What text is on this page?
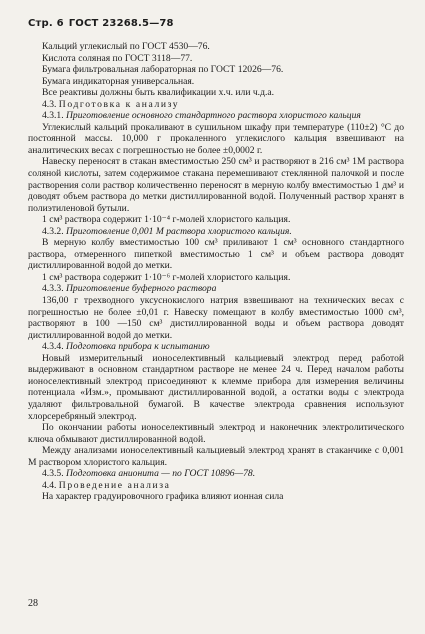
Стр. 6 ГОСТ 23268.5—78

Кальций углекислый по ГОСТ 4530—76.

Кислота соляная по ГОСТ 3118—77.

Бумага фильтровальная лабораторная по ГОСТ 12026—76.

Бумага индикаторная универсальная.

Все реактивы должны быть квалификации х.ч. или ч.д.а.

4.3. Подготовка к анализу

4.3.1. Приготовление основного стандартного раствора хлористого кальция

Углекислый кальций прокаливают в сушильном шкафу при температуре (110±2) °С до постоянной массы. 10,000 г прокаленного углекислого кальция взвешивают на аналитических весах с погрешностью не более ±0,0002 г.

Навеску переносят в стакан вместимостью 250 см³ и растворяют в 216 см³ 1М раствора соляной кислоты, затем содержимое стакана перемешивают стеклянной палочкой и после растворения соли раствор количественно переносят в мерную колбу вместимостью 1 дм³ и доводят объем раствора до метки дистиллированной водой. Полученный раствор хранят в полиэтиленовой бутыли.

1 см³ раствора содержит 1·10⁻⁴ г-молей хлористого кальция.

4.3.2. Приготовление 0,001 М раствора хлористого кальция.

В мерную колбу вместимостью 100 см³ приливают 1 см³ основного стандартного раствора, отмеренного пипеткой вместимостью 1 см³ и объем раствора доводят дистиллированной водой до метки.

1 см³ раствора содержит 1·10⁻⁶ г-молей хлористого кальция.

4.3.3. Приготовление буферного раствора

136,00 г трехводного уксуснокислого натрия взвешивают на технических весах с погрешностью не более ±0,01 г. Навеску помещают в колбу вместимостью 1000 см³, растворяют в 100 —150 см³ дистиллированной воды и объем раствора доводят дистиллированной водой до метки.

4.3.4. Подготовка прибора к испытанию

Новый измерительный ионоселективный кальциевый электрод перед работой выдерживают в основном стандартном растворе не менее 24 ч. Перед началом работы ионоселективный электрод присоединяют к клемме прибора для измерения величины потенциала «Изм.», промывают дистиллированной водой, а остатки воды с электрода удаляют фильтровальной бумагой. В качестве электрода сравнения используют хлорсеребряный электрод.

По окончании работы ионоселективный электрод и наконечник электролитического ключа обмывают дистиллированной водой.

Между анализами ионоселективный кальциевый электрод хранят в стаканчике с 0,001 М раствором хлористого кальция.

4.3.5. Подготовка анионита — по ГОСТ 10896—78.

4.4. Проведение анализа

На характер градуировочного графика влияют ионная сила

28
